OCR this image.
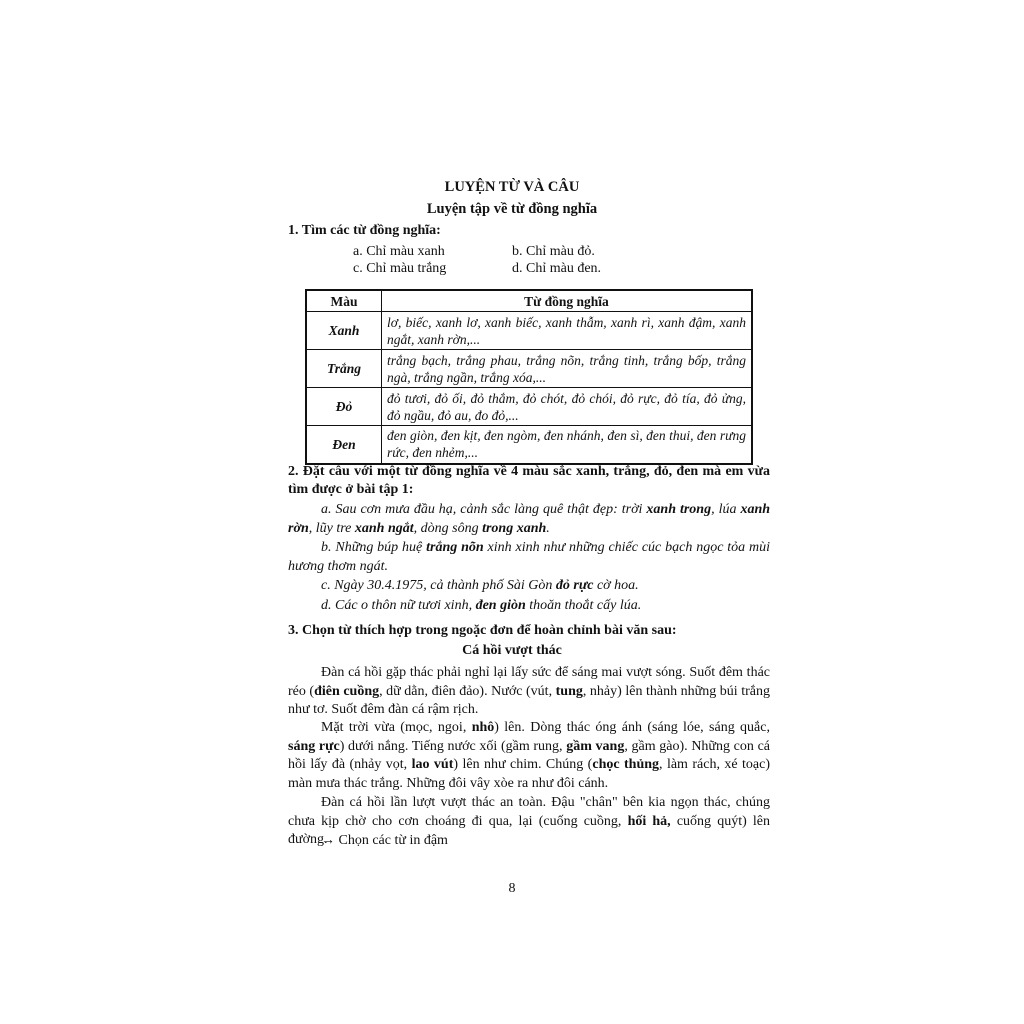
LUYỆN TỪ VÀ CÂU
Luyện tập về từ đồng nghĩa
1. Tìm các từ đồng nghĩa:
a. Chỉ màu xanh	b. Chỉ màu đỏ.
c. Chỉ màu trắng	d. Chỉ màu đen.
Màu	Từ đồng nghĩa
Xanh	lơ, biếc, xanh lơ, xanh biếc, xanh thẫm, xanh rì, xanh đậm, xanh ngắt, xanh rờn,...
Trắng	trắng bạch, trắng phau, trắng nõn, trắng tinh, trắng bốp, trắng ngà, trắng ngần, trắng xóa,...
Đỏ	đỏ tươi, đỏ ối, đỏ thắm, đỏ chót, đỏ chói, đỏ rực, đỏ tía, đỏ ửng, đỏ ngầu, đỏ au, đo đỏ,...
Đen	đen giòn, đen kịt, đen ngòm, đen nhánh, đen sì, đen thui, đen rưng rức, đen nhẻm,...
2. Đặt câu với một từ đồng nghĩa về 4 màu sắc xanh, trắng, đỏ, đen mà em vừa tìm được ở bài tập 1:
a. Sau cơn mưa đầu hạ, cảnh sắc làng quê thật đẹp: trời xanh trong, lúa xanh rờn, lũy tre xanh ngắt, dòng sông trong xanh.
b. Những búp huệ trắng nõn xinh xinh như những chiếc cúc bạch ngọc tỏa mùi hương thơm ngát.
c. Ngày 30.4.1975, cả thành phố Sài Gòn đỏ rực cờ hoa.
d. Các o thôn nữ tươi xinh, đen giòn thoăn thoắt cấy lúa.
3. Chọn từ thích hợp trong ngoặc đơn để hoàn chỉnh bài văn sau:
Cá hồi vượt thác
Đàn cá hồi gặp thác phải nghỉ lại lấy sức để sáng mai vượt sóng. Suốt đêm thác réo (điên cuồng, dữ dằn, điên đảo). Nước (vút, tung, nhảy) lên thành những búi trắng như tơ. Suốt đêm đàn cá rậm rịch.
Mặt trời vừa (mọc, ngoi, nhô) lên. Dòng thác óng ánh (sáng lóe, sáng quắc, sáng rực) dưới nắng. Tiếng nước xối (gầm rung, gầm vang, gầm gào). Những con cá hồi lấy đà (nhảy vọt, lao vút) lên như chim. Chúng (chọc thủng, làm rách, xé toạc) màn mưa thác trắng. Những đôi vây xòe ra như đôi cánh.
Đàn cá hồi lần lượt vượt thác an toàn. Đậu "chân" bên kia ngọn thác, chúng chưa kịp chờ cho cơn choáng đi qua, lại (cuống cuồng, hối hả, cuống quýt) lên đường.
→ Chọn các từ in đậm
8
